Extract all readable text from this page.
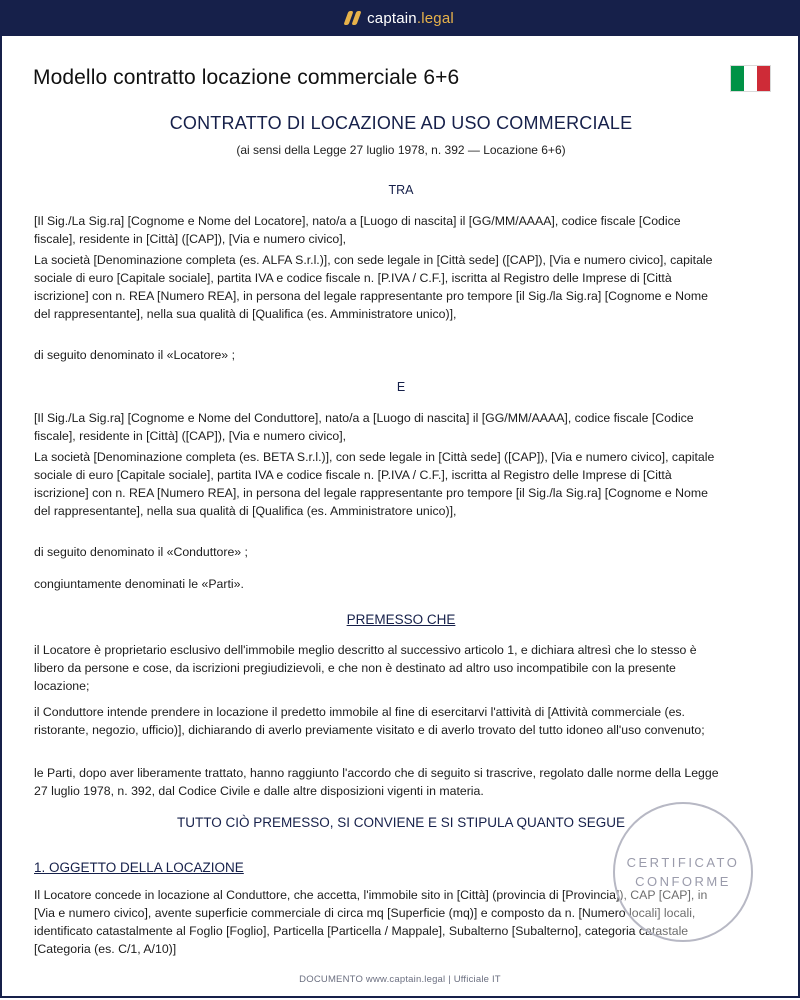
captain.legal
Modello contratto locazione commerciale 6+6
CONTRATTO DI LOCAZIONE AD USO COMMERCIALE
(ai sensi della Legge 27 luglio 1978, n. 392 — Locazione 6+6)
TRA
[Il Sig./La Sig.ra] [Cognome e Nome del Locatore], nato/a a [Luogo di nascita] il [GG/MM/AAAA], codice fiscale [Codice fiscale], residente in [Città] ([CAP]), [Via e numero civico],
La società [Denominazione completa (es. ALFA S.r.l.)], con sede legale in [Città sede] ([CAP]), [Via e numero civico], capitale sociale di euro [Capitale sociale], partita IVA e codice fiscale n. [P.IVA / C.F.], iscritta al Registro delle Imprese di [Città iscrizione] con n. REA [Numero REA], in persona del legale rappresentante pro tempore [il Sig./la Sig.ra] [Cognome e Nome del rappresentante], nella sua qualità di [Qualifica (es. Amministratore unico)],
di seguito denominato il «Locatore» ;
E
[Il Sig./La Sig.ra] [Cognome e Nome del Conduttore], nato/a a [Luogo di nascita] il [GG/MM/AAAA], codice fiscale [Codice fiscale], residente in [Città] ([CAP]), [Via e numero civico],
La società [Denominazione completa (es. BETA S.r.l.)], con sede legale in [Città sede] ([CAP]), [Via e numero civico], capitale sociale di euro [Capitale sociale], partita IVA e codice fiscale n. [P.IVA / C.F.], iscritta al Registro delle Imprese di [Città iscrizione] con n. REA [Numero REA], in persona del legale rappresentante pro tempore [il Sig./la Sig.ra] [Cognome e Nome del rappresentante], nella sua qualità di [Qualifica (es. Amministratore unico)],
di seguito denominato il «Conduttore» ;
congiuntamente denominati le «Parti».
PREMESSO CHE
il Locatore è proprietario esclusivo dell'immobile meglio descritto al successivo articolo 1, e dichiara altresì che lo stesso è libero da persone e cose, da iscrizioni pregiudizievoli, e che non è destinato ad altro uso incompatibile con la presente locazione;
il Conduttore intende prendere in locazione il predetto immobile al fine di esercitarvi l'attività di [Attività commerciale (es. ristorante, negozio, ufficio)], dichiarando di averlo previamente visitato e di averlo trovato del tutto idoneo all'uso convenuto;
le Parti, dopo aver liberamente trattato, hanno raggiunto l'accordo che di seguito si trascrive, regolato dalle norme della Legge 27 luglio 1978, n. 392, dal Codice Civile e dalle altre disposizioni vigenti in materia.
TUTTO CIÒ PREMESSO, SI CONVIENE E SI STIPULA QUANTO SEGUE
1. OGGETTO DELLA LOCAZIONE
Il Locatore concede in locazione al Conduttore, che accetta, l'immobile sito in [Città] (provincia di [Provincia]), CAP [CAP], in [Via e numero civico], avente superficie commerciale di circa mq [Superficie (mq)] e composto da n. [Numero locali] locali, identificato catastalmente al Foglio [Foglio], Particella [Particella / Mappale], Subalterno [Subalterno], categoria catastale [Categoria (es. C/1, A/10)]
CERTIFICATO
CONFORME
DOCUMENTO www.captain.legal | Ufficiale IT
